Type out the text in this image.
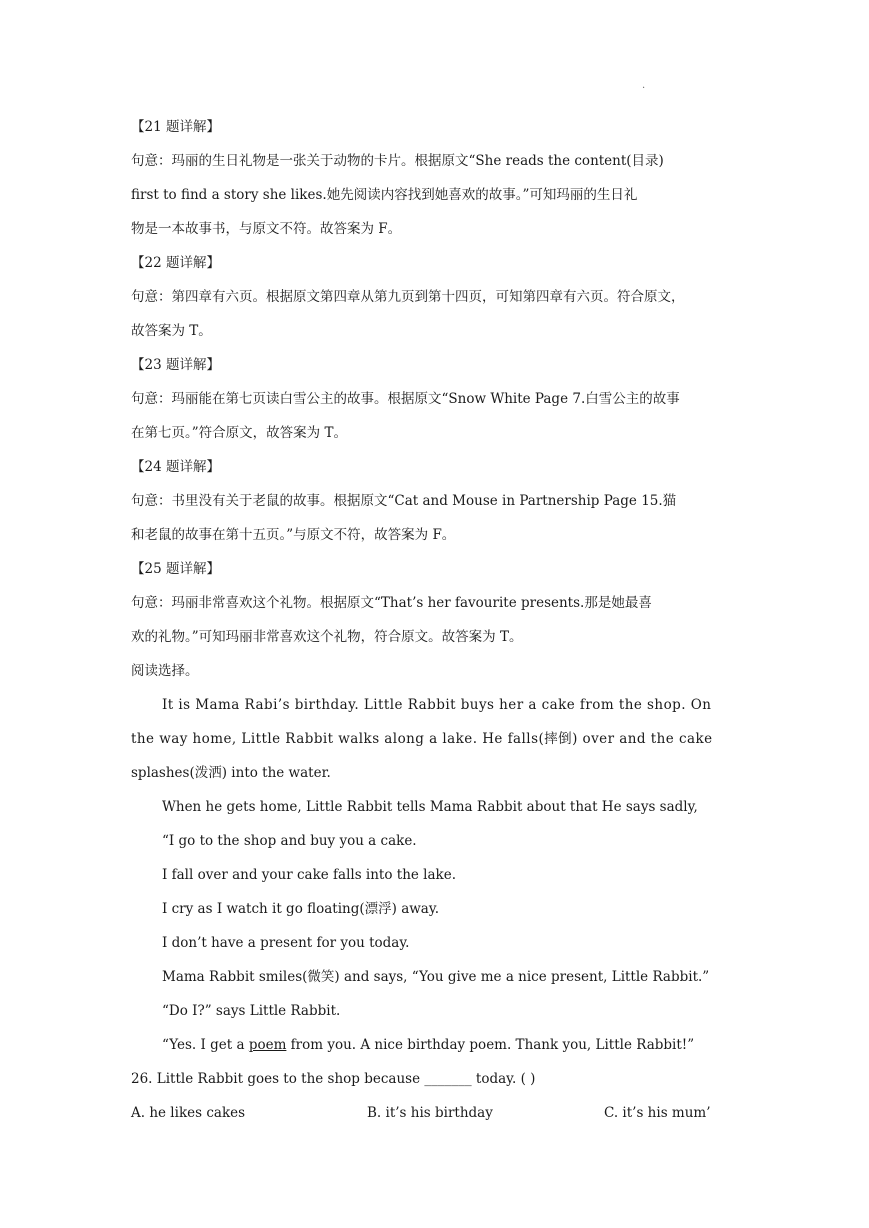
.
【21 题详解】
句意：玛丽的生日礼物是一张关于动物的卡片。根据原文“She reads the content(目录)
first to find a story she likes.她先阅读内容找到她喜欢的故事。”可知玛丽的生日礼
物是一本故事书，与原文不符。故答案为 F。
【22 题详解】
句意：第四章有六页。根据原文第四章从第九页到第十四页，可知第四章有六页。符合原文，
故答案为 T。
【23 题详解】
句意：玛丽能在第七页读白雪公主的故事。根据原文“Snow White Page 7.白雪公主的故事
在第七页。”符合原文，故答案为 T。
【24 题详解】
句意：书里没有关于老鼠的故事。根据原文“Cat and Mouse in Partnership Page 15.猫
和老鼠的故事在第十五页。”与原文不符，故答案为 F。
【25 题详解】
句意：玛丽非常喜欢这个礼物。根据原文“That’s her favourite presents.那是她最喜
欢的礼物。”可知玛丽非常喜欢这个礼物，符合原文。故答案为 T。
阅读选择。
It is Mama Rabi’s birthday. Little Rabbit buys her a cake from the shop. On
the way home, Little Rabbit walks along a lake. He falls(摔倒) over and the cake
splashes(泼洒) into the water.
When he gets home, Little Rabbit tells Mama Rabbit about that He says sadly,
“I go to the shop and buy you a cake.
I fall over and your cake falls into the lake.
I cry as I watch it go floating(漂浮) away.
I don’t have a present for you today.
Mama Rabbit smiles(微笑) and says, “You give me a nice present, Little Rabbit.”
“Do I?” says Little Rabbit.
“Yes. I get a poem from you. A nice birthday poem. Thank you, Little Rabbit!”
26. Little Rabbit goes to the shop because _______ today. ( )
A. he likes cakes	B. it’s his birthday	C. it’s his mum’
